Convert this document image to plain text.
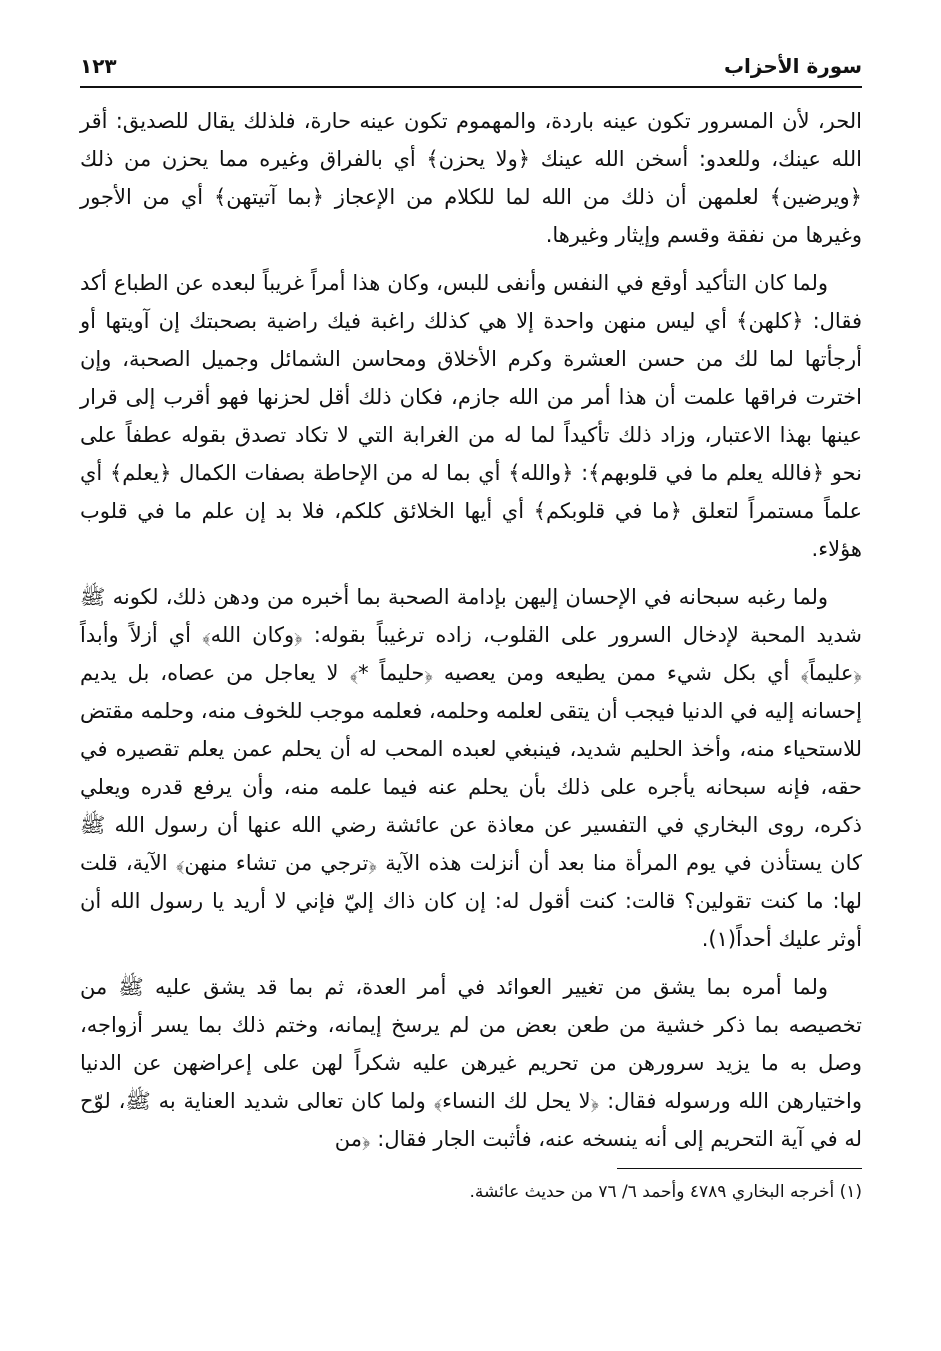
سورة الأحزاب
١٢٣

الحر، لأن المسرور تكون عينه باردة، والمهموم تكون عينه حارة، فلذلك يقال للصديق: أقر الله عينك، وللعدو: أسخن الله عينك ﴿ولا يحزن﴾ أي بالفراق وغيره مما يحزن من ذلك ﴿ويرضين﴾ لعلمهن أن ذلك من الله لما للكلام من الإعجاز ﴿بما آتيتهن﴾ أي من الأجور وغيرها من نفقة وقسم وإيثار وغيرها.

ولما كان التأكيد أوقع في النفس وأنفى للبس، وكان هذا أمراً غريباً لبعده عن الطباع أكد فقال: ﴿كلهن﴾ أي ليس منهن واحدة إلا هي كذلك راغبة فيك راضية بصحبتك إن آويتها أو أرجأتها لما لك من حسن العشرة وكرم الأخلاق ومحاسن الشمائل وجميل الصحبة، وإن اخترت فراقها علمت أن هذا أمر من الله جازم، فكان ذلك أقل لحزنها فهو أقرب إلى قرار عينها بهذا الاعتبار، وزاد ذلك تأكيداً لما له من الغرابة التي لا تكاد تصدق بقوله عطفاً على نحو ﴿فالله يعلم ما في قلوبهم﴾: ﴿والله﴾ أي بما له من الإحاطة بصفات الكمال ﴿يعلم﴾ أي علماً مستمراً لتعلق ﴿ما في قلوبكم﴾ أي أيها الخلائق كلكم، فلا بد إن علم ما في قلوب هؤلاء.

ولما رغبه سبحانه في الإحسان إليهن بإدامة الصحبة بما أخبره من ودهن ذلك، لكونه ﷺ شديد المحبة لإدخال السرور على القلوب، زاده ترغيباً بقوله: ﴿وكان الله﴾ أي أزلاً وأبداً ﴿عليماً﴾ أي بكل شيء ممن يطيعه ومن يعصيه ﴿حليماً *﴾ لا يعاجل من عصاه، بل يديم إحسانه إليه في الدنيا فيجب أن يتقى لعلمه وحلمه، فعلمه موجب للخوف منه، وحلمه مقتض للاستحياء منه، وأخذ الحليم شديد، فينبغي لعبده المحب له أن يحلم عمن يعلم تقصيره في حقه، فإنه سبحانه يأجره على ذلك بأن يحلم عنه فيما علمه منه، وأن يرفع قدره ويعلي ذكره، روى البخاري في التفسير عن معاذة عن عائشة رضي الله عنها أن رسول الله ﷺ كان يستأذن في يوم المرأة منا بعد أن أنزلت هذه الآية ﴿ترجي من تشاء منهن﴾ الآية، قلت لها: ما كنت تقولين؟ قالت: كنت أقول له: إن كان ذاك إليّ فإني لا أريد يا رسول الله أن أوثر عليك أحداً(١).

ولما أمره بما يشق من تغيير العوائد في أمر العدة، ثم بما قد يشق عليه ﷺ من تخصيصه بما ذكر خشية من طعن بعض من لم يرسخ إيمانه، وختم ذلك بما يسر أزواجه، وصل به ما يزيد سرورهن من تحريم غيرهن عليه شكراً لهن على إعراضهن عن الدنيا واختيارهن الله ورسوله فقال: ﴿لا يحل لك النساء﴾ ولما كان تعالى شديد العناية به ﷺ، لوّح له في آية التحريم إلى أنه ينسخه عنه، فأثبت الجار فقال: ﴿من

(١) أخرجه البخاري ٤٧٨٩ وأحمد ٦/ ٧٦ من حديث عائشة.
